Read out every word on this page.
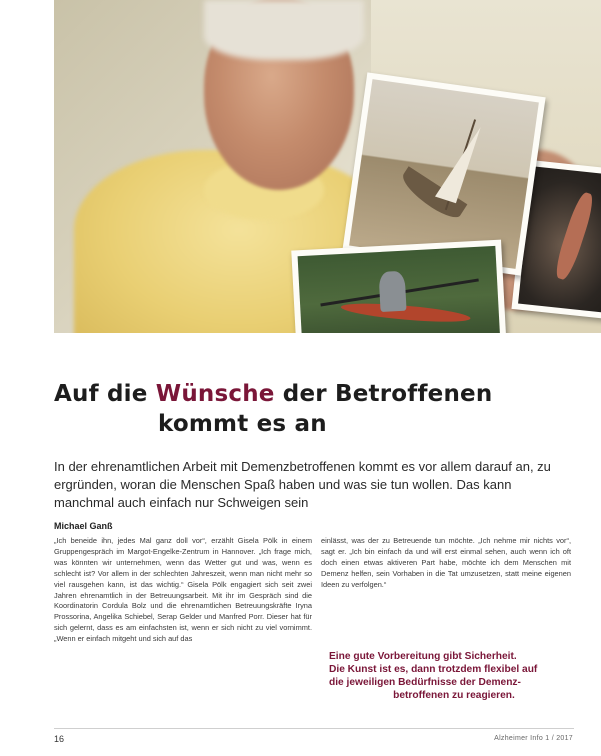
Auf die Wünsche der Betroffenen
kommt es an

In der ehrenamtlichen Arbeit mit Demenzbetroffenen kommt es vor allem darauf an, zu ergründen, woran die Menschen Spaß haben und was sie tun wollen. Das kann manchmal auch einfach nur Schweigen sein

Michael Ganß

„Ich beneide ihn, jedes Mal ganz doll vor“, erzählt Gisela Pölk in einem Gruppengespräch im Margot-Engelke-Zentrum in Hannover. „Ich frage mich, was könnten wir unternehmen, wenn das Wetter gut und was, wenn es schlecht ist? Vor allem in der schlechten Jahreszeit, wenn man nicht mehr so viel rausgehen kann, ist das wichtig.“ Gisela Pölk engagiert sich seit zwei Jahren ehrenamtlich in der Betreuungsarbeit. Mit ihr im Gespräch sind die Koordinatorin Cordula Bolz und die ehrenamtlichen Betreuungskräfte Iryna Prossorina, Angelika Schiebel, Serap Gelder und Manfred Porr. Dieser hat für sich gelernt, dass es am einfachsten ist, wenn er sich nicht zu viel vornimmt. „Wenn er einfach mitgeht und sich auf das

einlässt, was der zu Betreuende tun möchte. „Ich nehme mir nichts vor“, sagt er. „Ich bin einfach da und will erst einmal sehen, auch wenn ich oft doch einen etwas aktiveren Part habe, möchte ich dem Menschen mit Demenz helfen, sein Vorhaben in die Tat umzusetzen, statt meine eigenen Ideen zu verfolgen.“

Eine gute Vorbereitung gibt Sicherheit.
Die Kunst ist es, dann trotzdem flexibel auf
die jeweiligen Bedürfnisse der Demenz-
betroffenen zu reagieren.

16	Alzheimer Info 1 / 2017
